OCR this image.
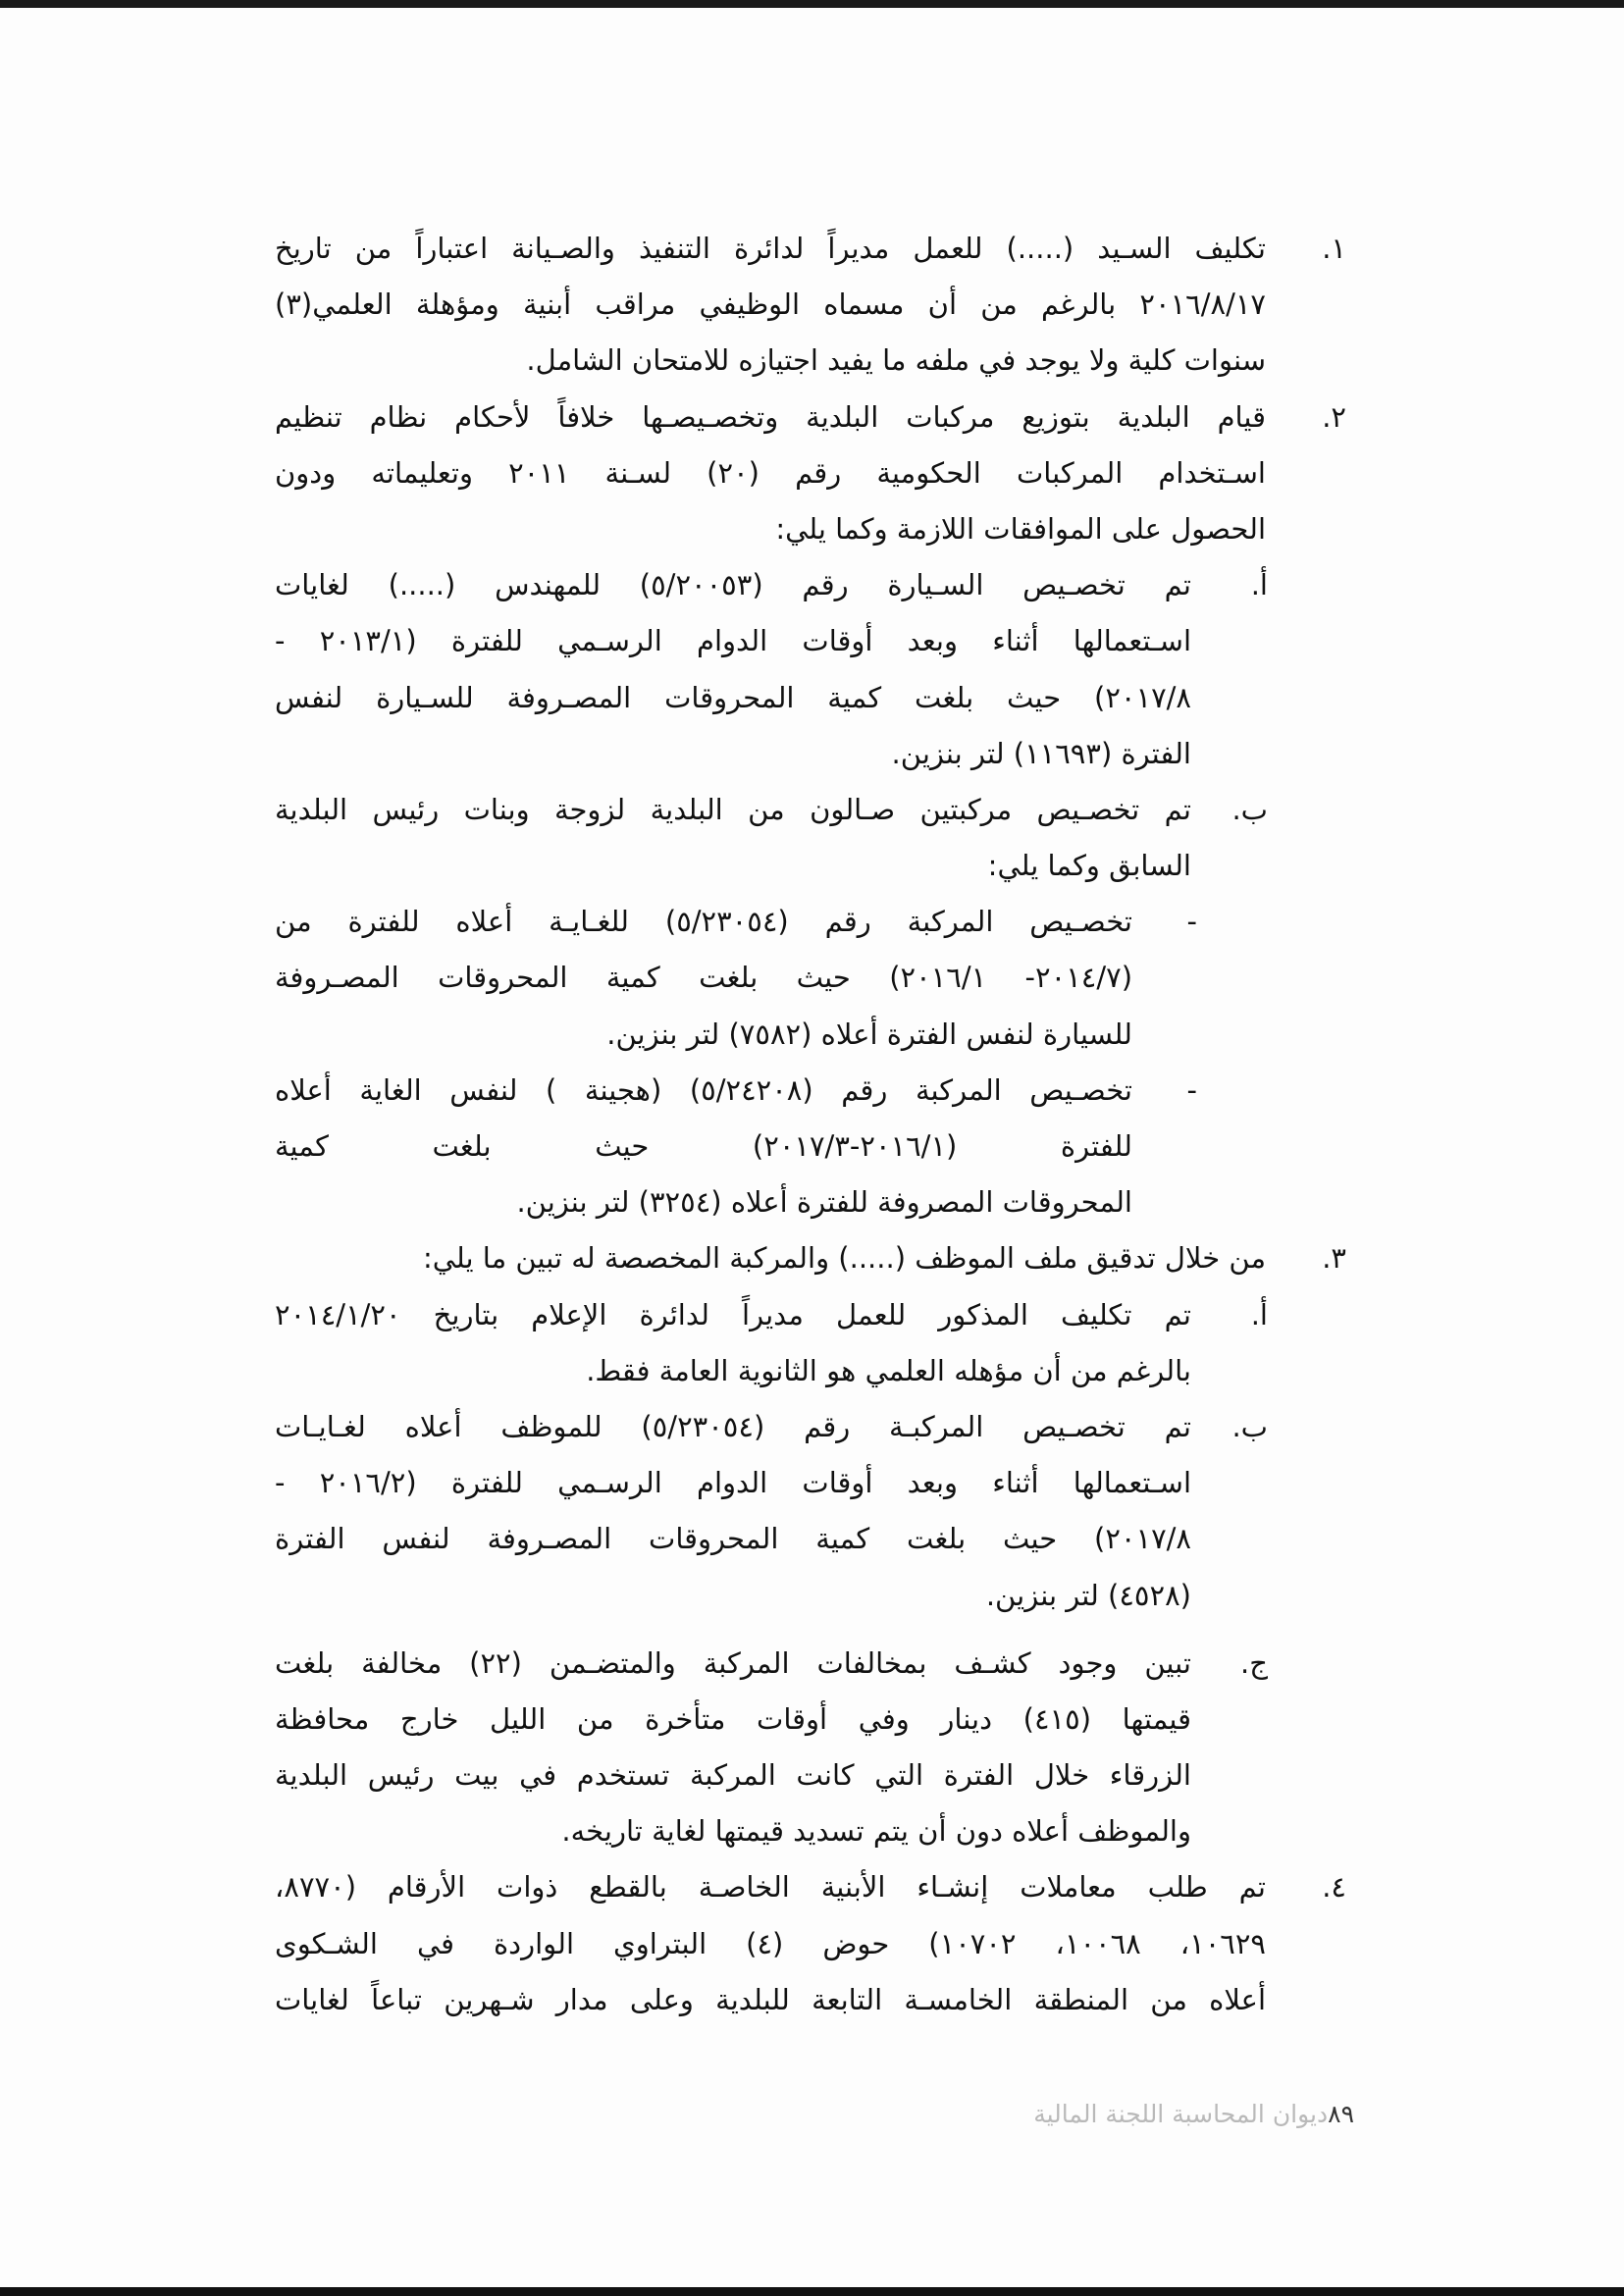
١.
تكليف السـيد (.....) للعمل مديراً لدائرة التنفيذ والصـيانة اعتباراً من تاريخ
٢٠١٦/٨/١٧ بالرغم من أن مسماه الوظيفي مراقب أبنية ومؤهلة العلمي(٣)
سنوات كلية ولا يوجد في ملفه ما يفيد اجتيازه للامتحان الشامل.
٢.
قيام البلدية بتوزيع مركبات البلدية وتخصـيصـها خلافاً لأحكام نظام تنظيم
اسـتخدام المركبات الحكومية رقم (٢٠) لسـنة ٢٠١١ وتعليماته ودون
الحصول على الموافقات اللازمة وكما يلي:
أ.
تم تخصـيص السـيارة رقم (٥/٢٠٠٥٣) للمهندس (.....) لغايات
اسـتعمالها أثناء وبعد أوقات الدوام الرسـمي للفترة (٢٠١٣/١ -
٢٠١٧/٨) حيث بلغت كمية المحروقات المصـروفة للسـيارة لنفس
الفترة (١١٦٩٣) لتر بنزين.
ب.
تم تخصـيص مركبتين صـالون من البلدية لزوجة وبنات رئيس البلدية
السابق وكما يلي:
-
تخصـيص المركبة رقم (٥/٢٣٠٥٤) للغـايـة أعلاه للفترة من
(٢٠١٤/٧- ٢٠١٦/١) حيث بلغت كمية المحروقات المصـروفة
للسيارة لنفس الفترة أعلاه (٧٥٨٢) لتر بنزين.
-
تخصـيص المركبة رقم (٥/٢٤٢٠٨) (هجينة ) لنفس الغاية أعلاه
للفترة (٢٠١٦/١-٢٠١٧/٣) حيث بلغت كمية
المحروقات المصروفة للفترة أعلاه (٣٢٥٤) لتر بنزين.
٣.
من خلال تدقيق ملف الموظف (.....) والمركبة المخصصة له تبين ما يلي:
أ.
تم تكليف المذكور للعمل مديراً لدائرة الإعلام بتاريخ ٢٠١٤/١/٢٠
بالرغم من أن مؤهله العلمي هو الثانوية العامة فقط.
ب.
تم تخصـيص المركبـة رقم (٥/٢٣٠٥٤) للموظف أعلاه لغـايـات
اسـتعمالها أثناء وبعد أوقات الدوام الرسـمي للفترة (٢٠١٦/٢ -
٢٠١٧/٨) حيث بلغت كمية المحروقات المصـروفة لنفس الفترة
(٤٥٢٨) لتر بنزين.
ج.
تبين وجود كشـف بمخالفات المركبة والمتضـمن (٢٢) مخالفة بلغت
قيمتها (٤١٥) دينار وفي أوقات متأخرة من الليل خارج محافظة
الزرقاء خلال الفترة التي كانت المركبة تستخدم في بيت رئيس البلدية
والموظف أعلاه دون أن يتم تسديد قيمتها لغاية تاريخه.
٤.
تم طلب معاملات إنشـاء الأبنية الخاصـة بالقطع ذوات الأرقام (٨٧٧٠،
١٠٦٢٩، ١٠٠٦٨، ١٠٧٠٢) حوض (٤) البتراوي الواردة في الشـكوى
أعلاه من المنطقة الخامسـة التابعة للبلدية وعلى مدار شـهرين تباعاً لغايات
٨٩ديوان المحاسبة اللجنة المالية
